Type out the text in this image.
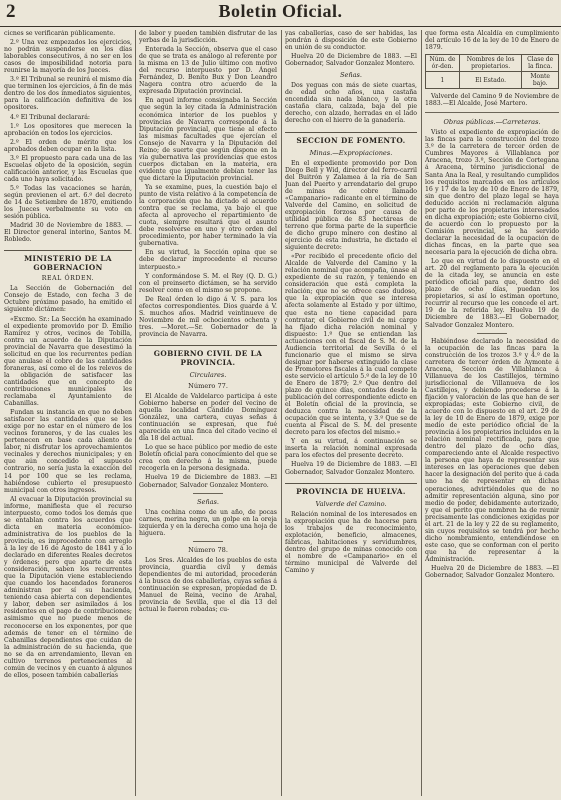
2	Boletin Oficial.

cicnes se verificarán públicamente.

2.º Una vez empezados los ejercicios, no podrán suspenderse en los días laborables consecutivos, á no ser en los casos de imposibilidad notoria para reunirse la mayoría de los Jueces.

3.º El Tribunal se reunirá el mismo día que terminen los ejercicios, á fin de más dentro de los dos inmediatos siguientes, para la calificación definitiva de los opositores.

4.º El Tribunal declarará:

1.º Los opositores que merecen la aprobación en todos los ejercicios.

2.º El orden de mérito que los aprobados deben ocupar en la lista.

3.º El propuesto para cada una de las Escuelas objeto de la oposición, según calificación anterior, y las Escuelas que cada uno haya solicitado.

5.º Todas las vacaciones se harán, según previenen el art. 6.º del decreto de 14 de Setiembre de 1870, emitiendo los Jueces verbalmente su voto en sesión pública.

Madrid 30 de Noviembre de 1883. —El Director general interino, Santos M. Robledo.

MINISTERIO DE LA GOBERNACION
REAL ÓRDEN.

La Sección de Gobernación del Consejo de Estado, con fecha 3 de Octubre próximo pasado, ha emitido el siguiente dictámen:

«Excmo. Sr.: La Sección ha examinado el expediente promovido por D. Emilio Ramírez y otros, vecinos de Tobilla, contra un acuerdo de la Diputación provincial de Navarra que desestimó la solicitud en que los recurrentes pedían que anulase el cobro de las cantidades foraneras, así como el de los relevos de la obligación de satisfacer las cantidades que en concepto de contribuciones municipales les reclamaba el Ayuntamiento de Cabanillas.

Fundan su instancia en que no deben satisfacer las cantidades que se les exige por no estar en el número de los vecinos foraneros, y de las cuales les pertenecen en base cada aliento de labor, ni disfrutar los aprovechamientos vecinales y derechos municipales; y en que aún concedido el supuesto contrario, no sería justa la exacción del 14 por 100 que se les reclama, habiéndose cubierto el presupuesto municipal con otros ingresos.

Al evacuar la Diputación provincial su informe, manifiesta que el recurso interpuesto, como todos los demás que se entablan contra los acuerdos que dicta en materia económico-administrativa de los pueblos de la provincia, es improcedente con arreglo á la ley de 16 de Agosto de 1841 y á lo declarado en diferentes Reales decretos y órdenes; pero que aparte de esta consideración, saben los recurrentes que la Diputación viene estableciendo que cuando los hacendados foraneros administran por sí su hacienda, teniendo casa abierta con dependientes y labor, deben ser asimilados á los residentes en el pago de contribuciones; asimismo que no puede menos de reconocerse en los exponentes, por que además de tener en el término de Cabanillas dependientes que cuidan de la administración de su hacienda, que no se da en arrendamiento, llevan en cultivo terrenos pertenecientes al común de vecinos y en cuanto á algunos de ellos, poseen también caballerías

de labor y pueden también disfrutar de las yerbas de la jurisdicción.

Enterada la Sección, observa que el caso de que se trata es análogo al referente por la misma en 13 de Julio último con motivo del recurso interpuesto por D. Ángel Fernández, D. Benito Bux y Don Leandro Nagera contra otro acuerdo de la expresada Diputación provincial.

En aquel informe consignaba la Sección que según la ley citada la Administración económica interior de los pueblos y provincias de Navarra corresponde á la Diputación provincial, que tiene al efecto las mismas facultades que ejercían el Consejo de Navarra y la Diputación del Reino; de suerte que según dispone en la vía gubernativa las providencias que estos cuerpos dictaban en la materia, era evidente que igualmente debían tener las que dictare la Diputación provincial.

Ya se examine, pues, la cuestión bajo el punto de vista relativo á la competencia de la corporación que ha dictado el acuerdo contra que se reclama, ya bajo el que afecta al aprovecho el repartimiento de cuota, siempre resultará que el asunto debe resolverse en uno y otro orden del procedimiento, por haber terminado la vía gubernativa.

En su virtud, la Sección opina que se debe declarar improcedente el recurso interpuesto.»

Y conformándose S. M. el Rey (Q. D. G.) con el preinserto dictámen, se ha servido resolver como en el mismo se propone.

De Real órden lo digo á V. S. para los efectos correspondientes. Dios guarde á V. S. muchos años. Madrid veintinueve de Noviembre de mil ochocientos ochenta y tres. —Moret.—Sr. Gobernador de la provincia de Navarra.

GOBIERNO CIVIL DE LA PROVINCIA.
Circulares.
Número 77.

El Alcalde de Valdelarco participa á este Gobierno haberse en poder del vecino de aquella localidad Cándido Domínguez González, una cartera, cuyas señas á continuación se expresan, que fué aparecida en una finca del citado vecino el día 18 del actual.

Lo que se hace público por medio de este Boletín oficial para conocimiento del que se crea con derecho á la misma, puede recogerla en la persona designada.

Huelva 19 de Diciembre de 1883. —El Gobernador, Salvador Gonzalez Montero.

Señas.

Una cochina como de un año, de pocas carnes, merina negra, un golpe en la oreja izquierda y en la derecha como una hoja de higuera.

Número 78.

Los Sres. Alcaldes de los pueblos de esta provincia, guardia civil y demás dependientes de mi autoridad, procederán á la busca de dos caballerías, cuyas señas á continuación se expresan, propiedad de D. Manuel de Reina, vecino de Arahal, provincia de Sevilla, que el día 13 del actual le fueron robadas; cu-

yas caballerías, caso de ser habidas, las pondrán á disposición de este Gobierno en unión de su conductor.

Huelva 20 de Diciembre de 1883. —El Gobernador, Salvador Gonzalez Montero.

Señas.

Dos yeguas con más de siete cuartas, de edad ocho años, una castaña encendida sin nada blanco, y la otra castaña clara, calzada, baja del pie derecho, con alzado, herradas en el lado derecho con el hierro de la ganadería.

SECCION DE FOMENTO.
Minas.—Expropiaciones.

En el expediente promovido por Don Diego Bell y Wid, director del ferro-carril del Buitrón y Zalamea á la ría de San Juan del Puerto y arrendatario del grupo de minas de cobre llamado «Campanario» radicante en el término de Valverde del Camino, en solicitud de expropiación forzosa por causa de utilidad pública de 83 hectáreas de terreno que forma parte de la superficie de dicho grupo minero con destino al ejercicio de esta industria, he dictado el siguiente decreto:

«Por recibido el precedente oficio del Alcalde de Valverde del Camino y la relación nominal que acompaña, únase al expediente de su razón, y teniendo en consideración que está completa la relación; que no se ofrece caso dudoso, que la expropiación que se interesa afecta solamente al Estado y por último, que esta no tiene capacidad para contratar, el Gobierno civil de mi cargo ha fijado dicha relación nominal y dispuesto: 1.º Que se entiendan las actuaciones con el fiscal de S. M. de la Audiencia territorial de Sevilla ó el funcionario que el mismo se sirva designar por haberse extinguido la clase de Promotores fiscales á la cual compete este servicio el artículo 5.º de la ley de 10 de Enero de 1879; 2.º Que dentro del plazo de quince días, contados desde la publicación del correspondiente edicto en el Boletín oficial de la provincia, se deduzca contra la necesidad de la ocupación que se intenta, y 3.º Que se de cuenta al Fiscal de S. M. del presente decreto para los efectos del mismo.»

Y en su virtud, á continuación se inserta la relación nominal expresada para los efectos del presente decreto.

Huelva 19 de Diciembre de 1883. —El Gobernador, Salvador Gonzalez Montero.

PROVINCIA DE HUELVA.
Valverde del Camino.

Relación nominal de los interesados en la expropiación que ha de hacerse para los trabajos de reconocimiento, explotación, beneficio, almacenes, fábricas, habitaciones y servidumbres, dentro del grupo de minas conocido con el nombre de «Campanario» en el término municipal de Valverde del Camino y

que forma esta Alcaldía en cumplimiento del artículo 16 de la ley de 10 de Enero de 1879.

Núm. de ór-den.	Nombres de los propietarios.	Clase de la finca.
1	El Estado.	Monte bajo.

Valverde del Camino 9 de Noviembre de 1883.—El Alcalde, José Martero.

Obras públicas.—Carreteras.

Visto el expediente de expropiación de las fincas para la construcción del trozo 3.º de la carretera de tercer órden de Cumbres Mayores á Villablanca por Aracena, trozo 3.º, Sección de Cortegana á Aracena, término jurisdiccional de Santa Ana la Real, y resultando cumplidos los requisitos marcados en los artículos 16 y 17 de la ley de 10 de Enero de 1879, sin que dentro del plazo legal se haya deducido acción ni reclamación alguna por parte de los propietarios interesados en dicha expropiación; este Gobierno civil, de acuerdo con lo propuesto por la Comisión provincial, se ha servido declarar la necesidad de la ocupación de dichas fincas, en la parte que sea necesaria para la ejecución de dicha obra.

Lo que en virtud de lo dispuesto en el art. 20 del reglamento para la ejecución de la citada ley, se anuncia en este periódico oficial para que, dentro del plazo de ocho días, puedan los propietarios, si así lo estiman oportuno, recurrir al recurso que les concede el art. 19 de la referida ley. Huelva 19 de Diciembre de 1883.—El Gobernador, Salvador Gonzalez Montero.

Habiéndose declarado la necesidad de la ocupación de las fincas para la construcción de los trozos 3.º y 4.º de la carretera de tercer órden de Aymonte á Aracena, Sección de Villablanca á Villanueva de los Castillejos, término jurisdiccional de Villanueva de los Castillejos, y debiendo procederse á la fijación y valoración de las que han de ser expropiadas; este Gobierno civil, de acuerdo con lo dispuesto en el art. 29 de la ley de 10 de Enero de 1879, exige por medio de este periódico oficial de la provincia á los propietarios incluidos en la relación nominal rectificada, para que dentro del plazo de ocho días, compareciendo ante el Alcalde respectivo la persona que haya de representar sus intereses en las operaciones que deben hacer la designación del perito que á cada uno ha de representar en dichas operaciones, advirtiéndoles que de no admitir representación alguna, sino por medio de poder, debidamente autorizado, y que el perito que nombren ha de reunir precisamente las condiciones exigidas por el art. 21 de la ley y 22 de su reglamento, sin cuyos requisitos se tendrá por hecho dicho nombramiento, entendiéndose en este caso, que se conforman con el perito que ha de representar á la Administración.

Huelva 20 de Diciembre de 1883. —El Gobernador, Salvador Gonzalez Montero.
